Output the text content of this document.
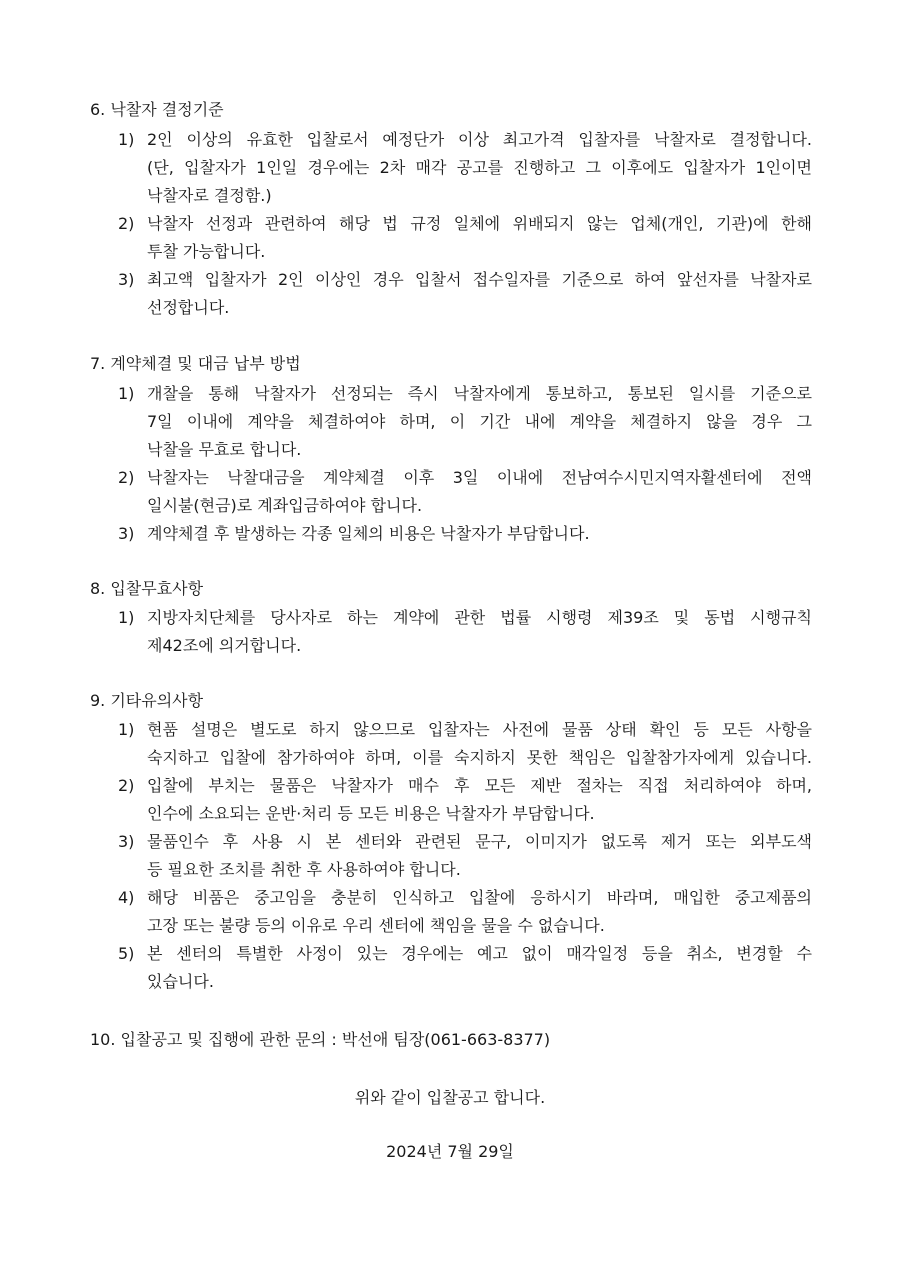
6. 낙찰자 결정기준
1) 2인 이상의 유효한 입찰로서 예정단가 이상 최고가격 입찰자를 낙찰자로 결정합니다.
(단, 입찰자가 1인일 경우에는 2차 매각 공고를 진행하고 그 이후에도 입찰자가 1인이면
낙찰자로 결정함.)
2) 낙찰자 선정과 관련하여 해당 법 규정 일체에 위배되지 않는 업체(개인, 기관)에 한해
투찰 가능합니다.
3) 최고액 입찰자가 2인 이상인 경우 입찰서 접수일자를 기준으로 하여 앞선자를 낙찰자로
선정합니다.
7. 계약체결 및 대금 납부 방법
1) 개찰을 통해 낙찰자가 선정되는 즉시 낙찰자에게 통보하고, 통보된 일시를 기준으로
7일 이내에 계약을 체결하여야 하며, 이 기간 내에 계약을 체결하지 않을 경우 그
낙찰을 무효로 합니다.
2) 낙찰자는 낙찰대금을 계약체결 이후 3일 이내에 전남여수시민지역자활센터에 전액
일시불(현금)로 계좌입금하여야 합니다.
3) 계약체결 후 발생하는 각종 일체의 비용은 낙찰자가 부담합니다.
8. 입찰무효사항
1) 지방자치단체를 당사자로 하는 계약에 관한 법률 시행령 제39조 및 동법 시행규칙
제42조에 의거합니다.
9. 기타유의사항
1) 현품 설명은 별도로 하지 않으므로 입찰자는 사전에 물품 상태 확인 등 모든 사항을
숙지하고 입찰에 참가하여야 하며, 이를 숙지하지 못한 책임은 입찰참가자에게 있습니다.
2) 입찰에 부치는 물품은 낙찰자가 매수 후 모든 제반 절차는 직접 처리하여야 하며,
인수에 소요되는 운반·처리 등 모든 비용은 낙찰자가 부담합니다.
3) 물품인수 후 사용 시 본 센터와 관련된 문구, 이미지가 없도록 제거 또는 외부도색
등 필요한 조치를 취한 후 사용하여야 합니다.
4) 해당 비품은 중고임을 충분히 인식하고 입찰에 응하시기 바라며, 매입한 중고제품의
고장 또는 불량 등의 이유로 우리 센터에 책임을 물을 수 없습니다.
5) 본 센터의 특별한 사정이 있는 경우에는 예고 없이 매각일정 등을 취소, 변경할 수
있습니다.
10. 입찰공고 및 집행에 관한 문의 : 박선애 팀장(061-663-8377)
위와 같이 입찰공고 합니다.
2024년 7월 29일
